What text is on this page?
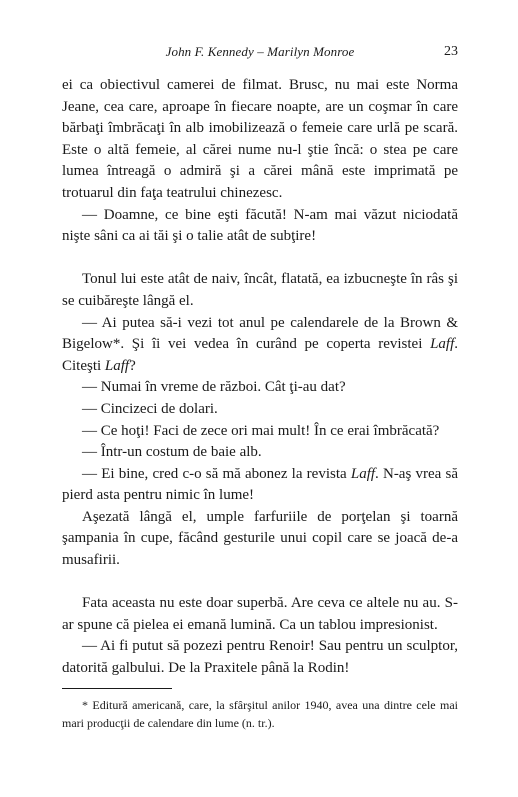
John F. Kennedy – Marilyn Monroe	23

ei ca obiectivul camerei de filmat. Brusc, nu mai este Norma Jeane, cea care, aproape în fiecare noapte, are un coşmar în care bărbaţi îmbrăcaţi în alb imobilizează o femeie care urlă pe scară. Este o altă femeie, al cărei nume nu-l ştie încă: o stea pe care lumea întreagă o admiră şi a cărei mână este imprimată pe trotuarul din faţa teatrului chinezesc.

— Doamne, ce bine eşti făcută! N-am mai văzut niciodată nişte sâni ca ai tăi şi o talie atât de subţire!

Tonul lui este atât de naiv, încât, flatată, ea izbucneşte în râs şi se cuibăreşte lângă el.

— Ai putea să-i vezi tot anul pe calendarele de la Brown & Bigelow*. Şi îi vei vedea în curând pe coperta revistei Laff. Citeşti Laff?

— Numai în vreme de război. Cât ţi-au dat?

— Cincizeci de dolari.

— Ce hoţi! Faci de zece ori mai mult! În ce erai îmbrăcată?

— Într-un costum de baie alb.

— Ei bine, cred c-o să mă abonez la revista Laff. N-aş vrea să pierd asta pentru nimic în lume!

Aşezată lângă el, umple farfuriile de porţelan şi toarnă şampania în cupe, făcând gesturile unui copil care se joacă de-a musafirii.

Fata aceasta nu este doar superbă. Are ceva ce altele nu au. S-ar spune că pielea ei emană lumină. Ca un tablou impresionist.

— Ai fi putut să pozezi pentru Renoir! Sau pentru un sculptor, datorită galbului. De la Praxitele până la Rodin!

* Editură americană, care, la sfârşitul anilor 1940, avea una dintre cele mai mari producţii de calendare din lume (n. tr.).
